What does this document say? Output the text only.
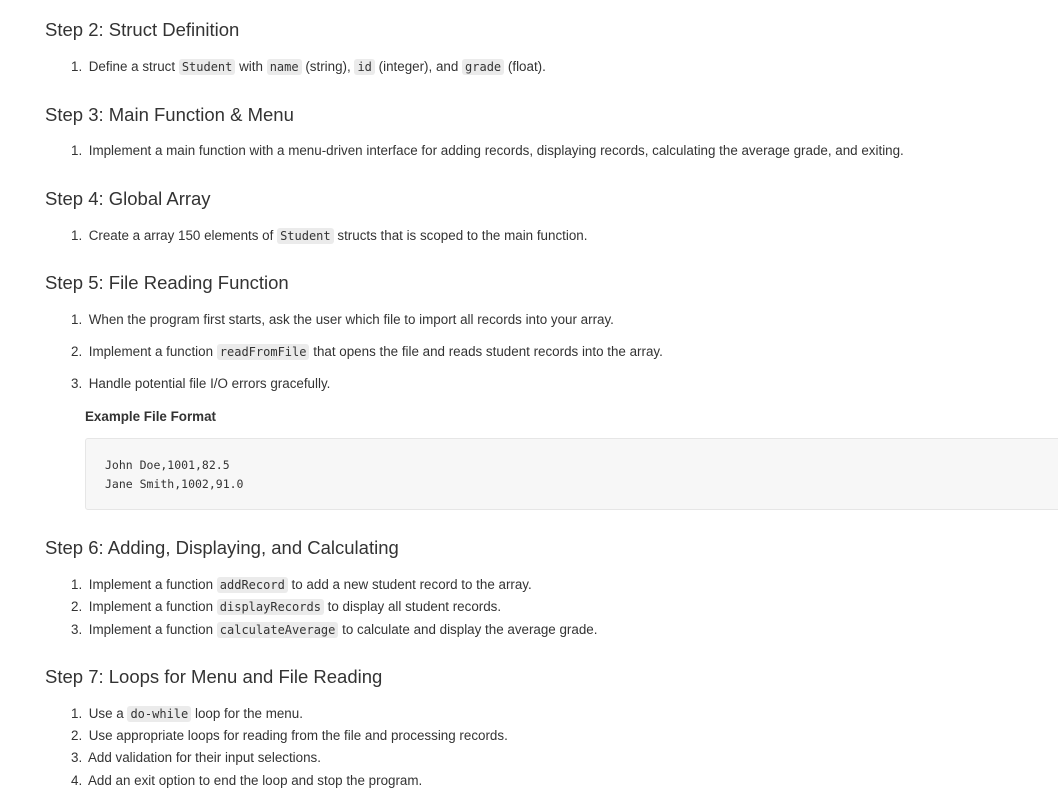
Step 2: Struct Definition
1. Define a struct Student with name (string), id (integer), and grade (float).
Step 3: Main Function & Menu
1. Implement a main function with a menu-driven interface for adding records, displaying records, calculating the average grade, and exiting.
Step 4: Global Array
1. Create a array 150 elements of Student structs that is scoped to the main function.
Step 5: File Reading Function
1. When the program first starts, ask the user which file to import all records into your array.
2. Implement a function readFromFile that opens the file and reads student records into the array.
3. Handle potential file I/O errors gracefully.
Example File Format
John Doe,1001,82.5
Jane Smith,1002,91.0
Step 6: Adding, Displaying, and Calculating
1. Implement a function addRecord to add a new student record to the array.
2. Implement a function displayRecords to display all student records.
3. Implement a function calculateAverage to calculate and display the average grade.
Step 7: Loops for Menu and File Reading
1. Use a do-while loop for the menu.
2. Use appropriate loops for reading from the file and processing records.
3. Add validation for their input selections.
4. Add an exit option to end the loop and stop the program.
